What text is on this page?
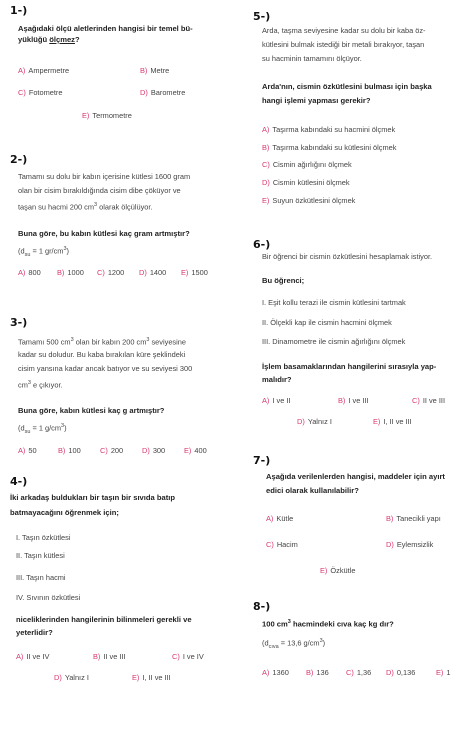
1-)
Aşağıdaki ölçü aletlerinden hangisi bir temel bü-
yüklüğü ölçmez?
A) Ampermetre	B) Metre
C) Fotometre	D) Barometre
E) Termometre
2-)
Tamamı su dolu bir kabın içerisine kütlesi 1600 gram
olan bir cisim bırakıldığında cisim dibe çöküyor ve
taşan su hacmi 200 $cm^3$ olarak ölçülüyor.
Buna göre, bu kabın kütlesi kaç gram artmıştır?
($d_{su} = 1$ $gr/cm^3$)
A) 800 B) 1000 C) 1200 D) 1400 E) 1500
3-)
Tamamı 500 $cm^3$ olan bir kabın 200 $cm^3$ seviyesine
kadar su doludur. Bu kaba bırakılan küre şeklindeki
cisim yansına kadar ancak batıyor ve su seviyesi 300
$cm^3$ e çıkıyor.
Buna göre, kabın kütlesi kaç g artmıştır?
($d_{su} = 1$ $g/cm^3$)
A) 50	B) 100	C) 200	D) 300	E) 400
4-)
İki arkadaş buldukları bir taşın bir sıvıda batıp
batmayacağını öğrenmek için;
I. Taşın özkütlesi
II. Taşın kütlesi
III. Taşın hacmi
IV. Sıvının özkütlesi
niceliklerinden hangilerinin bilinmeleri gerekli ve
yeterlidir?
A) II ve IV	B) II ve III	C) I ve IV
D) Yalnız I	E) I, II ve III
5-)
Arda, taşma seviyesine kadar su dolu bir kaba öz-
kütlesini bulmak istediği bir metali bırakıyor, taşan
su hacminin tamamını ölçüyor.
Arda'nın, cismin özkütlesini bulması için başka
hangi işlemi yapması gerekir?
A) Taşırma kabındaki su hacmini ölçmek
B) Taşırma kabındaki su kütlesini ölçmek
C) Cismin ağırlığını ölçmek
D) Cismin kütlesini ölçmek
E) Suyun özkütlesini ölçmek
6-)
Bir öğrenci bir cismin özkütlesini hesaplamak istiyor.
Bu öğrenci;
I. Eşit kollu terazi ile cismin kütlesini tartmak
II. Ölçekli kap ile cismin hacmini ölçmek
III. Dinamometre ile cismin ağırlığını ölçmek
İşlem basamaklarından hangilerini sırasıyla yap-
malıdır?
A) I ve II	B) I ve III	C) II ve III
D) Yalnız I	E) I, II ve III
7-)
Aşağıda verilenlerden hangisi, maddeler için ayırt
edici olarak kullanılabilir?
A) Kütle	B) Tanecikli yapı
C) Hacim	D) Eylemsizlik
E) Özkütle
8-)
100 $cm^3$ hacmindeki cıva kaç kg dır?
($d_{cıva} = 13,6$ $g/cm^3$)
A) 1360 B) 136 C) 1,36 D) 0,136	E) 1
